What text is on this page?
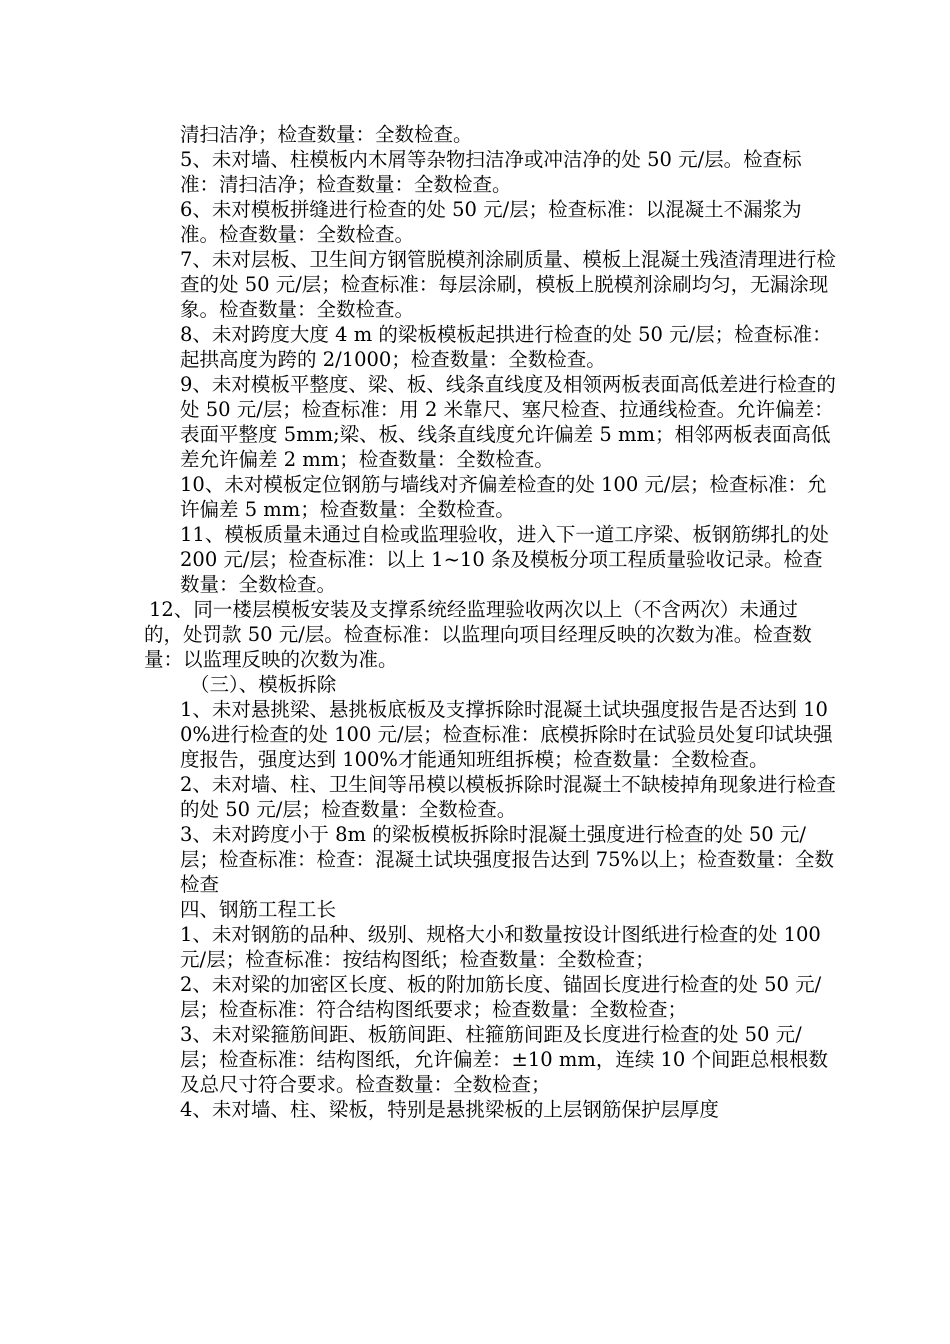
清扫洁净；检查数量：全数检查。

5、未对墙、柱模板内木屑等杂物扫洁净或冲洁净的处 50 元/层。检查标准：清扫洁净；检查数量：全数检查。

6、未对模板拼缝进行检查的处 50 元/层；检查标准：以混凝土不漏浆为准。检查数量：全数检查。

7、未对层板、卫生间方钢管脱模剂涂刷质量、模板上混凝土残渣清理进行检查的处 50 元/层；检查标准：每层涂刷，模板上脱模剂涂刷均匀，无漏涂现象。检查数量：全数检查。

8、未对跨度大度 4 m 的梁板模板起拱进行检查的处 50 元/层；检查标准：起拱高度为跨的 2/1000；检查数量：全数检查。

9、未对模板平整度、梁、板、线条直线度及相领两板表面高低差进行检查的处 50 元/层；检查标准：用 2 米靠尺、塞尺检查、拉通线检查。允许偏差：表面平整度 5mm;梁、板、线条直线度允许偏差 5 mm；相邻两板表面高低差允许偏差 2 mm；检查数量：全数检查。

10、未对模板定位钢筋与墙线对齐偏差检查的处 100 元/层；检查标准：允许偏差 5 mm；检查数量：全数检查。

11、模板质量未通过自检或监理验收，进入下一道工序梁、板钢筋绑扎的处 200 元/层；检查标准：以上 1~10 条及模板分项工程质量验收记录。检查数量：全数检查。

12、同一楼层模板安装及支撑系统经监理验收两次以上（不含两次）未通过的，处罚款 50 元/层。检查标准：以监理向项目经理反映的次数为准。检查数量：以监理反映的次数为准。

（三）、模板拆除

1、未对悬挑梁、悬挑板底板及支撑拆除时混凝土试块强度报告是否达到 100%进行检查的处 100 元/层；检查标准：底模拆除时在试验员处复印试块强度报告，强度达到 100%才能通知班组拆模；检查数量：全数检查。

2、未对墙、柱、卫生间等吊模以模板拆除时混凝土不缺棱掉角现象进行检查的处 50 元/层；检查数量：全数检查。

3、未对跨度小于 8m 的梁板模板拆除时混凝土强度进行检查的处 50 元/层；检查标准：检查：混凝土试块强度报告达到 75%以上；检查数量：全数检查

四、钢筋工程工长

1、未对钢筋的品种、级别、规格大小和数量按设计图纸进行检查的处 100 元/层；检查标准：按结构图纸；检查数量：全数检查；

2、未对梁的加密区长度、板的附加筋长度、锚固长度进行检查的处 50 元/层；检查标准：符合结构图纸要求；检查数量：全数检查；

3、未对梁箍筋间距、板筋间距、柱箍筋间距及长度进行检查的处 50 元/层；检查标准：结构图纸，允许偏差：±10 mm，连续 10 个间距总根根数及总尺寸符合要求。检查数量：全数检查；

4、未对墙、柱、梁板，特别是悬挑梁板的上层钢筋保护层厚度
